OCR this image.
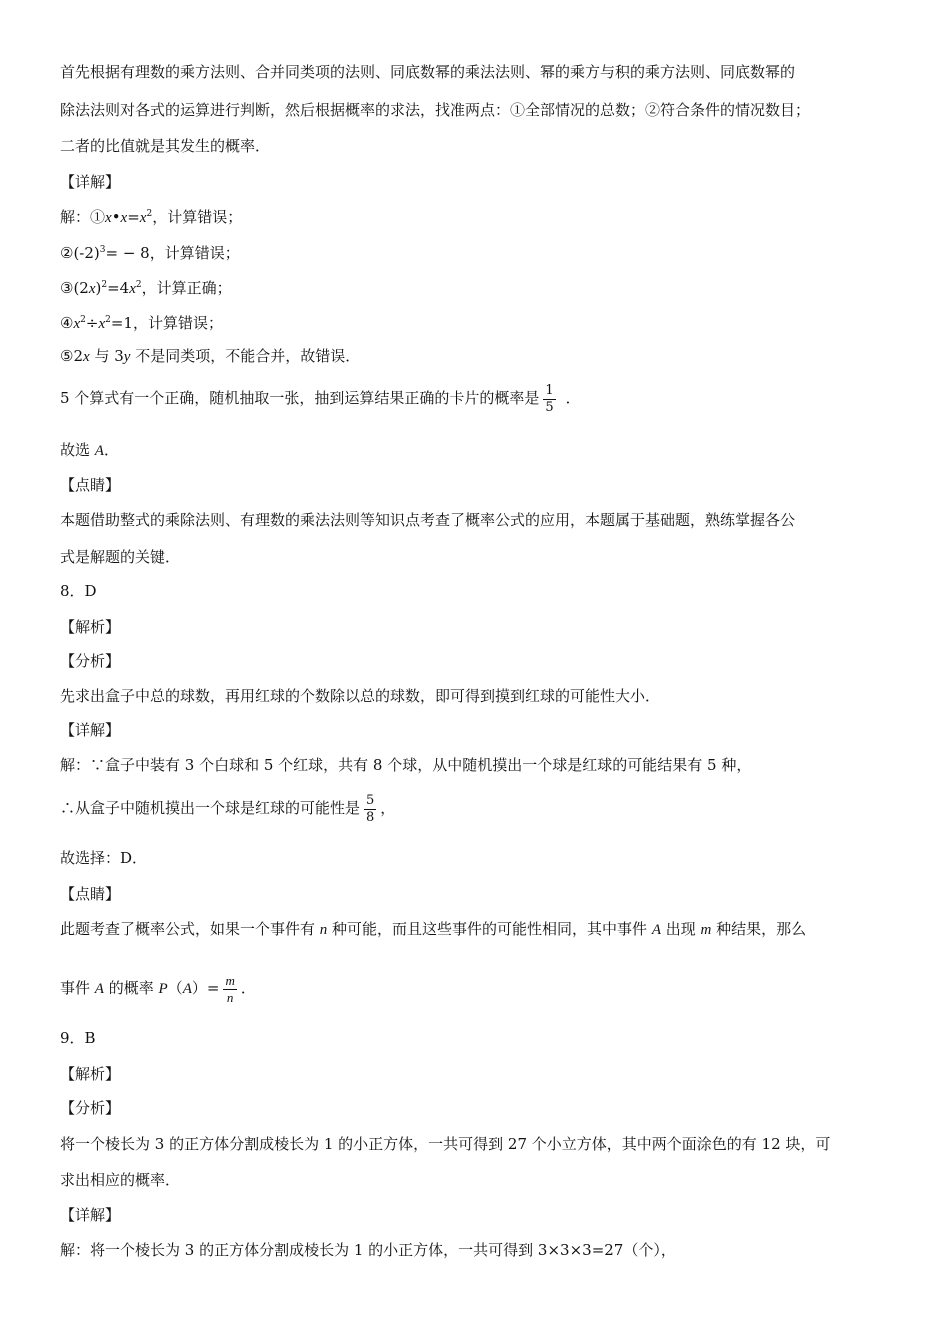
首先根据有理数的乘方法则、合并同类项的法则、同底数幂的乘法法则、幂的乘方与积的乘方法则、同底数幂的
除法法则对各式的运算进行判断，然后根据概率的求法，找准两点：①全部情况的总数；②符合条件的情况数目；
二者的比值就是其发生的概率．
【详解】
解：$①x•x=x^2$，计算错误；
$②(-2)^3= - 8$，计算错误；
$③(2x)^2=4x^2$，计算正确；
$④x^2\div x^2=1$，计算错误；
⑤2x 与 3y 不是同类项，不能合并，故错误．
5 个算式有一个正确，随机抽取一张，抽到运算结果正确的卡片的概率是 $\frac{1}{5}$ ．
故选 A．
【点睛】
本题借助整式的乘除法则、有理数的乘法法则等知识点考查了概率公式的应用，本题属于基础题，熟练掌握各公
式是解题的关键．
8．D
【解析】
【分析】
先求出盒子中总的球数，再用红球的个数除以总的球数，即可得到摸到红球的可能性大小．
【详解】
解：∵盒子中装有 3 个白球和 5 个红球，共有 8 个球，从中随机摸出一个球是红球的可能结果有 5 种，
∴从盒子中随机摸出一个球是红球的可能性是 $\frac{5}{8}$ ，
故选择：D．
【点睛】
此题考查了概率公式，如果一个事件有 n 种可能，而且这些事件的可能性相同，其中事件 A 出现 m 种结果，那么
事件 A 的概率 $P(A)= \frac{m}{n}$ ．
9．B
【解析】
【分析】
将一个棱长为 3 的正方体分割成棱长为 1 的小正方体，一共可得到 27 个小立方体，其中两个面涂色的有 12 块，可
求出相应的概率．
【详解】
解：将一个棱长为 3 的正方体分割成棱长为 1 的小正方体，一共可得到 3×3×3=27（个），
